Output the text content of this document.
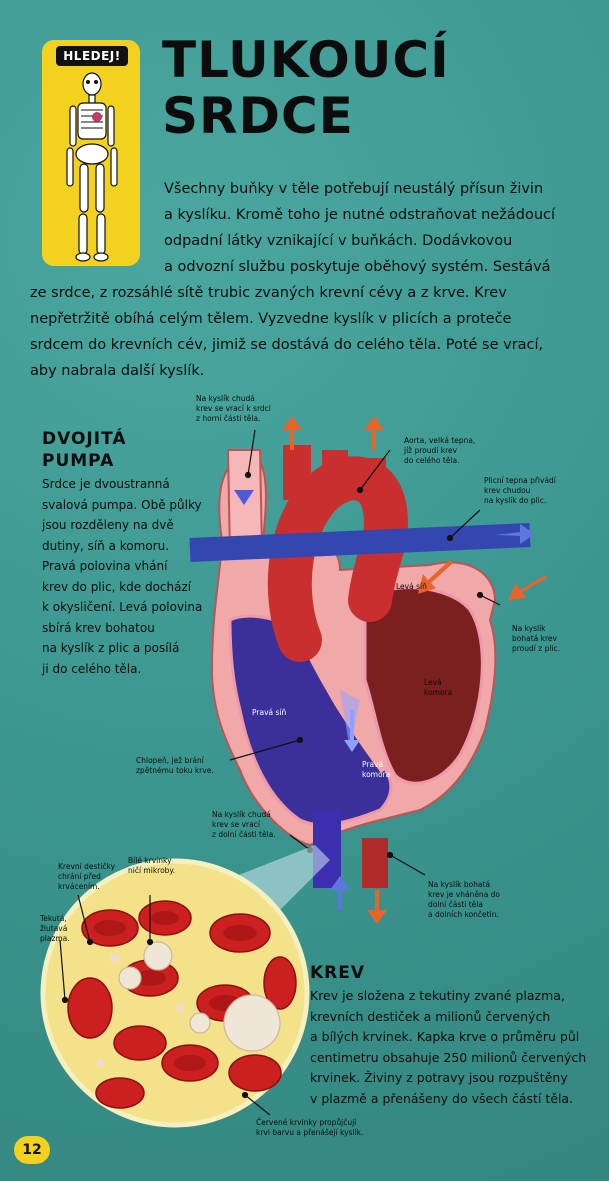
HLEDEJ! TLUKOUCÍ
SRDCE

Všechny buňky v těle potřebují neustálý přísun živin

a kyslíku. Kromě toho je nutné odstraňovat nežádoucí

odpadní látky vznikající v buňkách. Dodávkovou

a odvozní službu poskytuje oběhový systém. Sestává

ze srdce, z rozsáhlé sítě trubic zvaných krevní cévy a z krve. Krev

nepřetržitě obíhá celým tělem. Vyzvedne kyslík v plicích a proteče

srdcem do krevních cév, jimiž se dostává do celého těla. Poté se vrací,

aby nabrala další kyslík.

DVOJITÁ
PUMPA
Srdce je dvoustranná
svalová pumpa. Obě půlky
jsou rozděleny na dvě
dutiny, síň a komoru.
Pravá polovina vhání
krev do plic, kde dochází
k okysličení. Levá polovina
sbírá krev bohatou
na kyslík z plic a posílá
ji do celého těla.
Na kyslík chudá
krev se vrací k srdci
z horní části těla.
Aorta, velká tepna,
jíž proudí krev
do celého těla.
Plicní tepna přivádí
krev chudou
na kyslík do plic.
Levá síň
Na kyslík
bohatá krev
proudí z plic.
Levá
komora
Pravá síň
Pravá
komora
Chlopeň, jež brání
zpětnému toku krve.
Na kyslík chudá
krev se vrací
z dolní části těla.
Na kyslík bohatá
krev je vháněna do
dolní části těla
a dolních končetin.
Krevní destičky
chrání před
krvácením.
Bílé krvinky
ničí mikroby.
Tekutá,
žlutavá
plazma.
Červené krvinky propůjčují
krvi barvu a přenášejí kyslík.
KREV
Krev je složena z tekutiny zvané plazma,
krevních destiček a milionů červených
a bílých krvinek. Kapka krve o průměru půl
centimetru obsahuje 250 milionů červených
krvinek. Živiny z potravy jsou rozpuštěny
v plazmě a přenášeny do všech částí těla.
12
